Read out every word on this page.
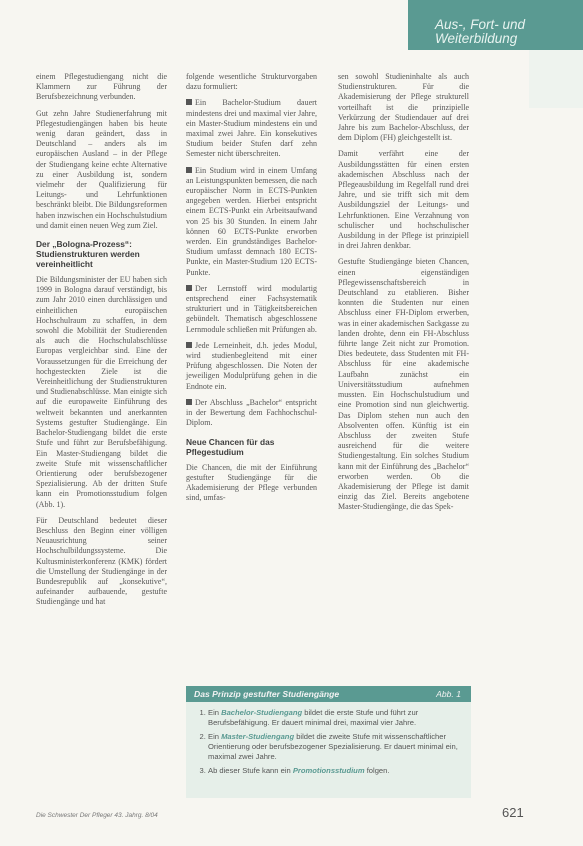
Aus-, Fort- und
Weiterbildung

einem Pflegestudiengang nicht die Klammern zur Führung der Berufsbezeichnung verbunden.

Gut zehn Jahre Studienerfahrung mit Pflegestudiengängen haben bis heute wenig daran geändert, dass in Deutschland – anders als im europäischen Ausland – in der Pflege der Studiengang keine echte Alternative zu einer Ausbildung ist, sondern vielmehr der Qualifizierung für Leitungs- und Lehrfunktionen beschränkt bleibt. Die Bildungsreformen haben inzwischen ein Hochschulstudium und damit einen neuen Weg zum Ziel.

Der „Bologna-Prozess“: Studienstrukturen werden vereinheitlicht

Die Bildungsminister der EU haben sich 1999 in Bologna darauf verständigt, bis zum Jahr 2010 einen durchlässigen und einheitlichen europäischen Hochschulraum zu schaffen, in dem sowohl die Mobilität der Studierenden als auch die Hochschulabschlüsse Europas vergleichbar sind. Eine der Voraussetzungen für die Erreichung der hochgesteckten Ziele ist die Vereinheitlichung der Studienstrukturen und Studienabschlüsse. Man einigte sich auf die europaweite Einführung des weltweit bekannten und anerkannten Systems gestufter Studiengänge. Ein Bachelor-Studiengang bildet die erste Stufe und führt zur Berufsbefähigung. Ein Master-Studiengang bildet die zweite Stufe mit wissenschaftlicher Orientierung oder berufsbezogener Spezialisierung. Ab der dritten Stufe kann ein Promotionsstudium folgen (Abb. 1).

Für Deutschland bedeutet dieser Beschluss den Beginn einer völligen Neuausrichtung seiner Hochschulbildungssysteme. Die Kultusministerkonferenz (KMK) fördert die Umstellung der Studiengänge in der Bundesrepublik auf „konsekutive“, aufeinander aufbauende, gestufte Studiengänge und hat

folgende wesentliche Strukturvorgaben dazu formuliert:

Ein Bachelor-Studium dauert mindestens drei und maximal vier Jahre, ein Master-Studium mindestens ein und maximal zwei Jahre. Ein konsekutives Studium beider Stufen darf zehn Semester nicht überschreiten.

Ein Studium wird in einem Umfang an Leistungspunkten bemessen, die nach europäischer Norm in ECTS-Punkten angegeben werden. Hierbei entspricht einem ECTS-Punkt ein Arbeitsaufwand von 25 bis 30 Stunden. In einem Jahr können 60 ECTS-Punkte erworben werden. Ein grundständiges Bachelor-Studium umfasst demnach 180 ECTS-Punkte, ein Master-Studium 120 ECTS-Punkte.

Der Lernstoff wird modulartig entsprechend einer Fachsystematik strukturiert und in Tätigkeitsbereichen gebündelt. Thematisch abgeschlossene Lernmodule schließen mit Prüfungen ab.

Jede Lerneinheit, d.h. jedes Modul, wird studienbegleitend mit einer Prüfung abgeschlossen. Die Noten der jeweiligen Modulprüfung gehen in die Endnote ein.

Der Abschluss „Bachelor“ entspricht in der Bewertung dem Fachhochschul-Diplom.

Neue Chancen für das Pflegestudium

Die Chancen, die mit der Einführung gestufter Studiengänge für die Akademisierung der Pflege verbunden sind, umfas-

sen sowohl Studieninhalte als auch Studienstrukturen. Für die Akademisierung der Pflege strukturell vorteilhaft ist die prinzipielle Verkürzung der Studiendauer auf drei Jahre bis zum Bachelor-Abschluss, der dem Diplom (FH) gleichgestellt ist.

Damit verfährt eine der Ausbildungsstätten für einen ersten akademischen Abschluss nach der Pflegeausbildung im Regelfall rund drei Jahre, und sie trifft sich mit dem Ausbildungsziel der Leitungs- und Lehrfunktionen. Eine Verzahnung von schulischer und hochschulischer Ausbildung in der Pflege ist prinzipiell in drei Jahren denkbar.

Gestufte Studiengänge bieten Chancen, einen eigenständigen Pflegewissenschaftsbereich in Deutschland zu etablieren. Bisher konnten die Studenten nur einen Abschluss einer FH-Diplom erwerben, was in einer akademischen Sackgasse zu landen drohte, denn ein FH-Abschluss führte lange Zeit nicht zur Promotion. Dies bedeutete, dass Studenten mit FH-Abschluss für eine akademische Laufbahn zunächst ein Universitätsstudium aufnehmen mussten. Ein Hochschulstudium und eine Promotion sind nun gleichwertig. Das Diplom stehen nun auch den Absolventen offen. Künftig ist ein Abschluss der zweiten Stufe ausreichend für die weitere Studiengestaltung. Ein solches Studium kann mit der Einführung des „Bachelor“ erworben werden. Ob die Akademisierung der Pflege ist damit einzig das Ziel. Bereits angebotene Master-Studiengänge, die das Spek-

Das Prinzip gestufter Studiengänge	Abb. 1
1. Ein Bachelor-Studiengang bildet die erste Stufe und führt zur Berufsbefähigung. Er dauert minimal drei, maximal vier Jahre.
2. Ein Master-Studiengang bildet die zweite Stufe mit wissenschaftlicher Orientierung oder berufsbezogener Spezialisierung. Er dauert minimal ein, maximal zwei Jahre.
3. Ab dieser Stufe kann ein Promotionsstudium folgen.
Die Schwester Der Pfleger 43. Jahrg. 8/04	621
